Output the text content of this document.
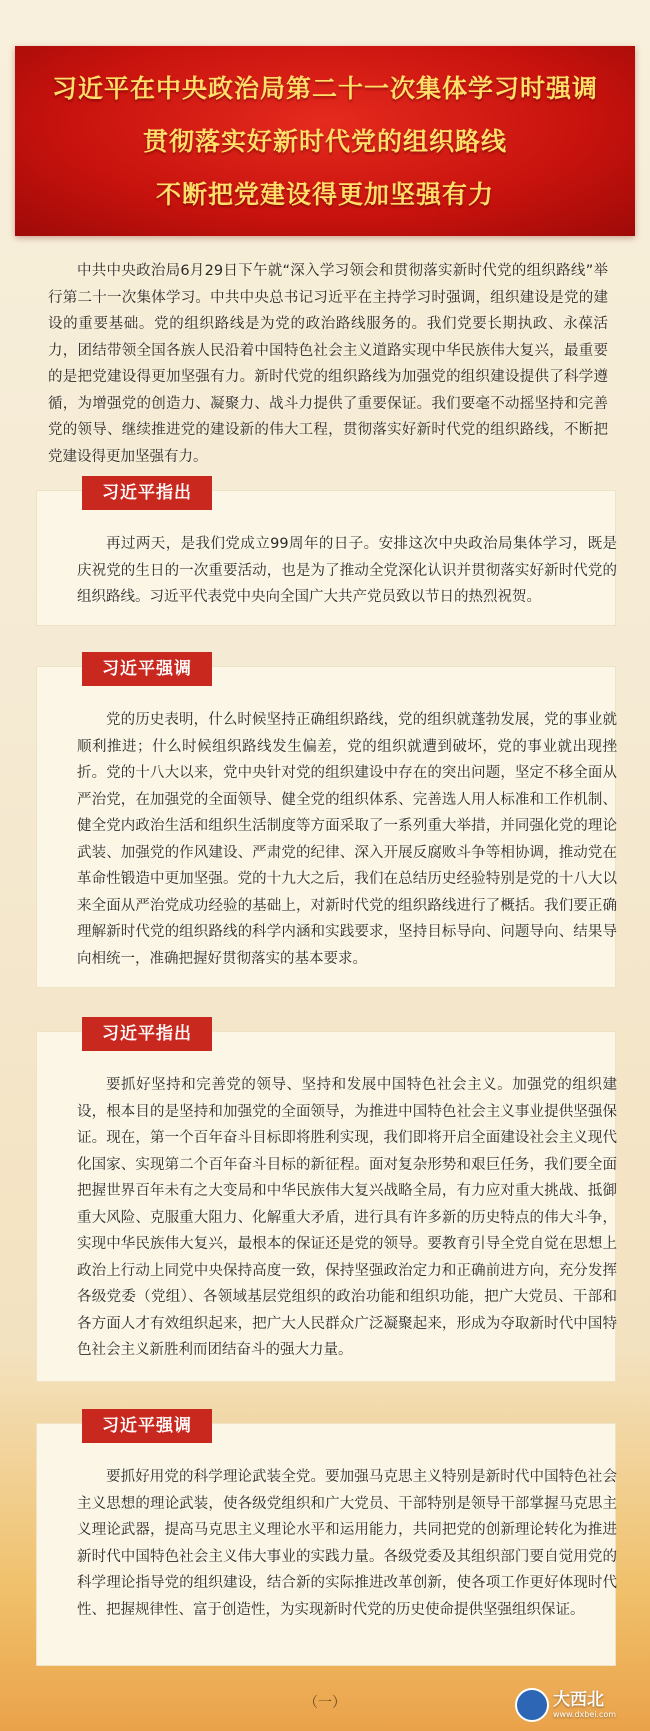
习近平在中央政治局第二十一次集体学习时强调
贯彻落实好新时代党的组织路线
不断把党建设得更加坚强有力
中共中央政治局6月29日下午就“深入学习领会和贯彻落实新时代党的组织路线”举行第二十一次集体学习。中共中央总书记习近平在主持学习时强调，组织建设是党的建设的重要基础。党的组织路线是为党的政治路线服务的。我们党要长期执政、永葆活力，团结带领全国各族人民沿着中国特色社会主义道路实现中华民族伟大复兴，最重要的是把党建设得更加坚强有力。新时代党的组织路线为加强党的组织建设提供了科学遵循，为增强党的创造力、凝聚力、战斗力提供了重要保证。我们要毫不动摇坚持和完善党的领导、继续推进党的建设新的伟大工程，贯彻落实好新时代党的组织路线，不断把党建设得更加坚强有力。
习近平指出
再过两天，是我们党成立99周年的日子。安排这次中央政治局集体学习，既是庆祝党的生日的一次重要活动，也是为了推动全党深化认识并贯彻落实好新时代党的组织路线。习近平代表党中央向全国广大共产党员致以节日的热烈祝贺。
习近平强调
党的历史表明，什么时候坚持正确组织路线，党的组织就蓬勃发展，党的事业就顺利推进；什么时候组织路线发生偏差，党的组织就遭到破坏，党的事业就出现挫折。党的十八大以来，党中央针对党的组织建设中存在的突出问题，坚定不移全面从严治党，在加强党的全面领导、健全党的组织体系、完善选人用人标准和工作机制、健全党内政治生活和组织生活制度等方面采取了一系列重大举措，并同强化党的理论武装、加强党的作风建设、严肃党的纪律、深入开展反腐败斗争等相协调，推动党在革命性锻造中更加坚强。党的十九大之后，我们在总结历史经验特别是党的十八大以来全面从严治党成功经验的基础上，对新时代党的组织路线进行了概括。我们要正确理解新时代党的组织路线的科学内涵和实践要求，坚持目标导向、问题导向、结果导向相统一，准确把握好贯彻落实的基本要求。
习近平指出
要抓好坚持和完善党的领导、坚持和发展中国特色社会主义。加强党的组织建设，根本目的是坚持和加强党的全面领导，为推进中国特色社会主义事业提供坚强保证。现在，第一个百年奋斗目标即将胜利实现，我们即将开启全面建设社会主义现代化国家、实现第二个百年奋斗目标的新征程。面对复杂形势和艰巨任务，我们要全面把握世界百年未有之大变局和中华民族伟大复兴战略全局，有力应对重大挑战、抵御重大风险、克服重大阻力、化解重大矛盾，进行具有许多新的历史特点的伟大斗争，实现中华民族伟大复兴，最根本的保证还是党的领导。要教育引导全党自觉在思想上政治上行动上同党中央保持高度一致，保持坚强政治定力和正确前进方向，充分发挥各级党委（党组）、各领域基层党组织的政治功能和组织功能，把广大党员、干部和各方面人才有效组织起来，把广大人民群众广泛凝聚起来，形成为夺取新时代中国特色社会主义新胜利而团结奋斗的强大力量。
习近平强调
要抓好用党的科学理论武装全党。要加强马克思主义特别是新时代中国特色社会主义思想的理论武装，使各级党组织和广大党员、干部特别是领导干部掌握马克思主义理论武器，提高马克思主义理论水平和运用能力，共同把党的创新理论转化为推进新时代中国特色社会主义伟大事业的实践力量。各级党委及其组织部门要自觉用党的科学理论指导党的组织建设，结合新的实际推进改革创新，使各项工作更好体现时代性、把握规律性、富于创造性，为实现新时代党的历史使命提供坚强组织保证。
（一）	大西北
www.dxbei.com
